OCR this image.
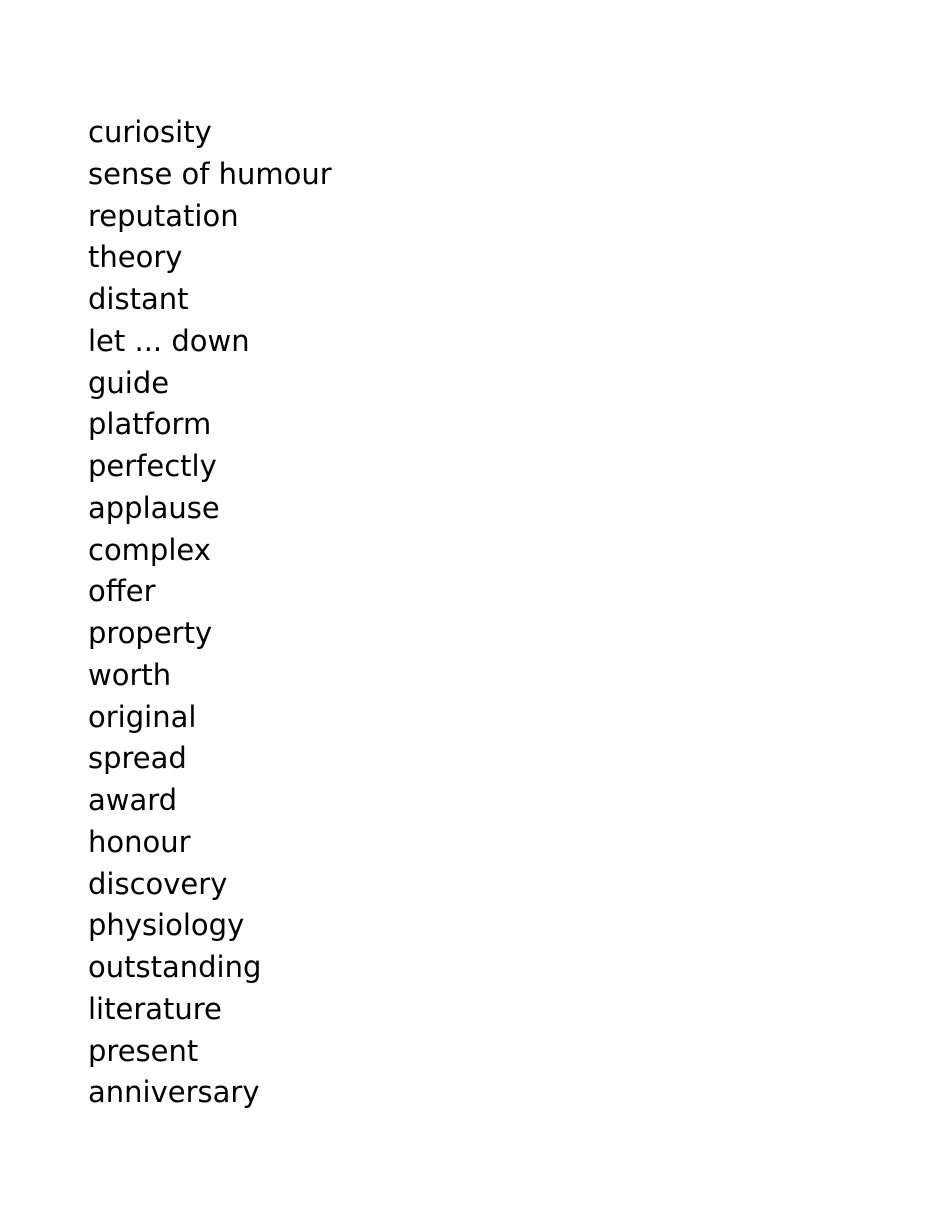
curiosity
sense of humour
reputation
theory
distant
let ... down
guide
platform
perfectly
applause
complex
offer
property
worth
original
spread
award
honour
discovery
physiology
outstanding
literature
present
anniversary
